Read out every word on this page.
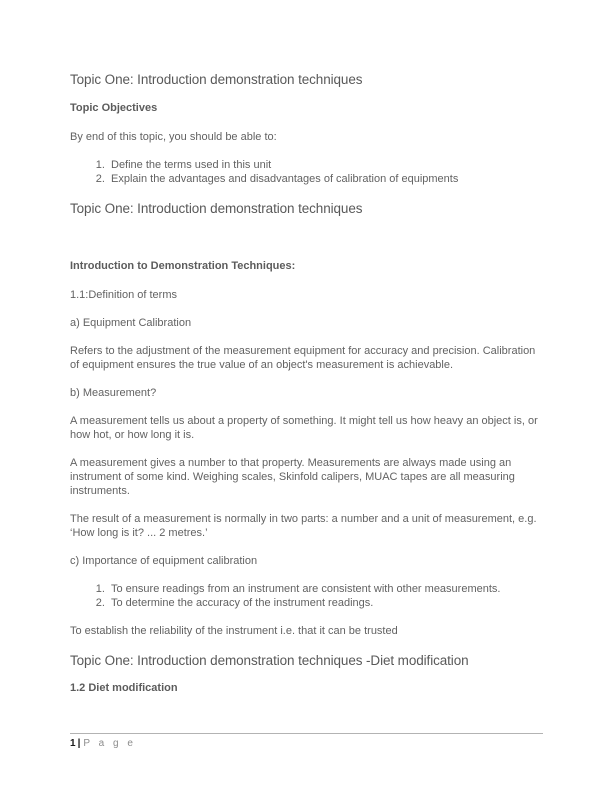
Topic One: Introduction demonstration techniques
Topic Objectives

By end of this topic, you should be able to:

1. Define the terms used in this unit
2. Explain the advantages and disadvantages of calibration of equipments
Topic One: Introduction demonstration techniques
Introduction to Demonstration Techniques:

1.1:Definition of terms

a) Equipment Calibration

Refers to the adjustment of the measurement equipment for accuracy and precision. Calibration of equipment ensures the true value of an object's measurement is achievable.

b) Measurement?

A measurement tells us about a property of something. It might tell us how heavy an object is, or how hot, or how long it is.

A measurement gives a number to that property. Measurements are always made using an instrument of some kind. Weighing scales, Skinfold calipers, MUAC tapes are all measuring instruments.

The result of a measurement is normally in two parts: a number and a unit of measurement, e.g. ‘How long is it? ... 2 metres.’

c) Importance of equipment calibration

1. To ensure readings from an instrument are consistent with other measurements.
2. To determine the accuracy of the instrument readings.

To establish the reliability of the instrument i.e. that it can be trusted

Topic One: Introduction demonstration techniques -Diet modification
1.2 Diet modification
1 | P a g e
